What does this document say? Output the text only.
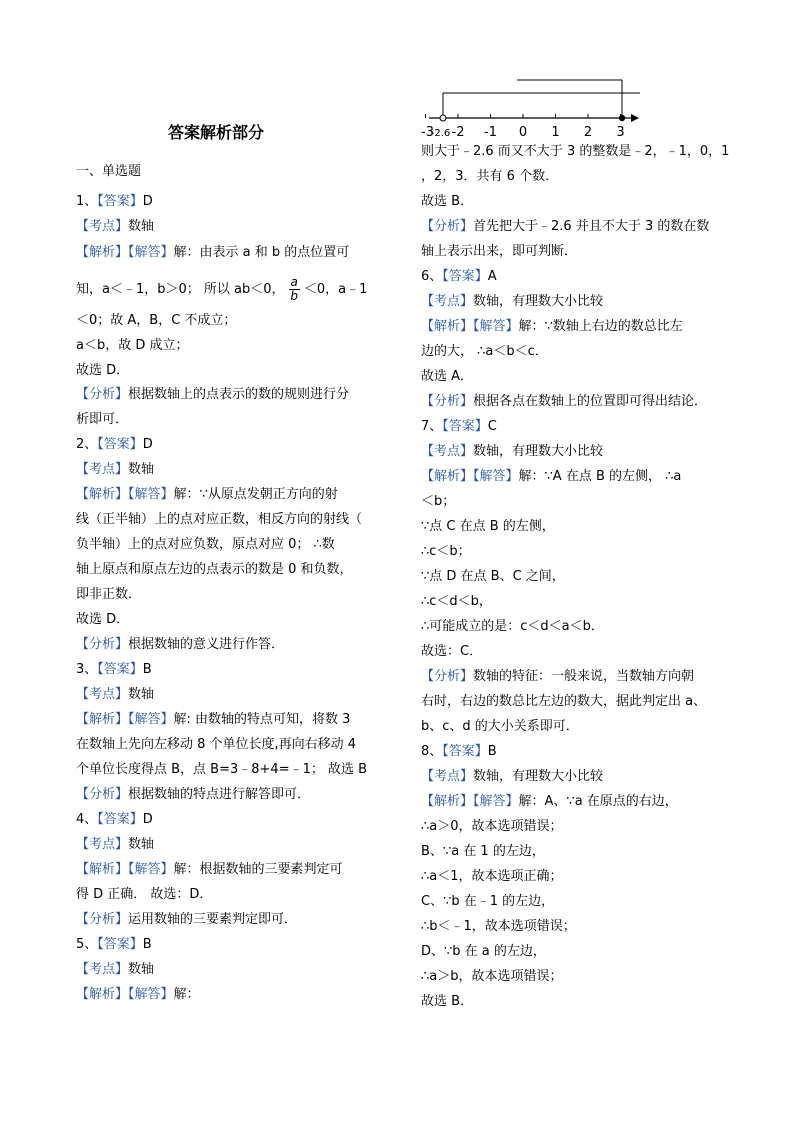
答案解析部分
一、单选题
1、【答案】D
【考点】数轴
【解析】【解答】解：由表示 a 和 b 的点位置可
知，a＜﹣1，b＞0； 所以 ab＜0， $\frac{a}{b} <0$，a﹣1
＜0；故 A，B，C 不成立；
a＜b，故 D 成立；
故选 D．
【分析】根据数轴上的点表示的数的规则进行分
析即可．
2、【答案】D
【考点】数轴
【解析】【解答】解：∵从原点发朝正方向的射
线（正半轴）上的点对应正数，相反方向的射线（
负半轴）上的点对应负数，原点对应 0； ∴数
轴上原点和原点左边的点表示的数是 0 和负数，
即非正数．
故选 D．
【分析】根据数轴的意义进行作答．
3、【答案】B
【考点】数轴
【解析】【解答】解: 由数轴的特点可知，将数 3
在数轴上先向左移动 8 个单位长度,再向右移动 4
个单位长度得点 B，点 B=3﹣8+4=﹣1； 故选 B
【分析】根据数轴的特点进行解答即可．
4、【答案】D
【考点】数轴
【解析】【解答】解：根据数轴的三要素判定可
得 D 正确． 故选：D．
【分析】运用数轴的三要素判定即可．
5、【答案】B
【考点】数轴
【解析】【解答】解：
-3
-2.6 -2 -1 0 1 2 3
则大于﹣2.6 而又不大于 3 的整数是﹣2，﹣1，0，1
，2，3．共有 6 个数．
故选 B．
【分析】首先把大于﹣2.6 并且不大于 3 的数在数
轴上表示出来，即可判断．
6、【答案】A
【考点】数轴，有理数大小比较
【解析】【解答】解：∵数轴上右边的数总比左
边的大， ∴a＜b＜c．
故选 A．
【分析】根据各点在数轴上的位置即可得出结论．
7、【答案】C
【考点】数轴，有理数大小比较
【解析】【解答】解：∵A 在点 B 的左侧， ∴a
＜b；
∵点 C 在点 B 的左侧，
∴c＜b；
∵点 D 在点 B、C 之间，
∴c＜d＜b，
∴可能成立的是：c＜d＜a＜b．
故选：C．
【分析】数轴的特征：一般来说，当数轴方向朝
右时，右边的数总比左边的数大，据此判定出 a、
b、c、d 的大小关系即可．
8、【答案】B
【考点】数轴，有理数大小比较
【解析】【解答】解：A、∵a 在原点的右边，
∴a＞0，故本选项错误；
B、∵a 在 1 的左边，
∴a＜1，故本选项正确；
C、∵b 在﹣1 的左边，
∴b＜﹣1，故本选项错误；
D、∵b 在 a 的左边，
∴a＞b，故本选项错误；
故选 B．
